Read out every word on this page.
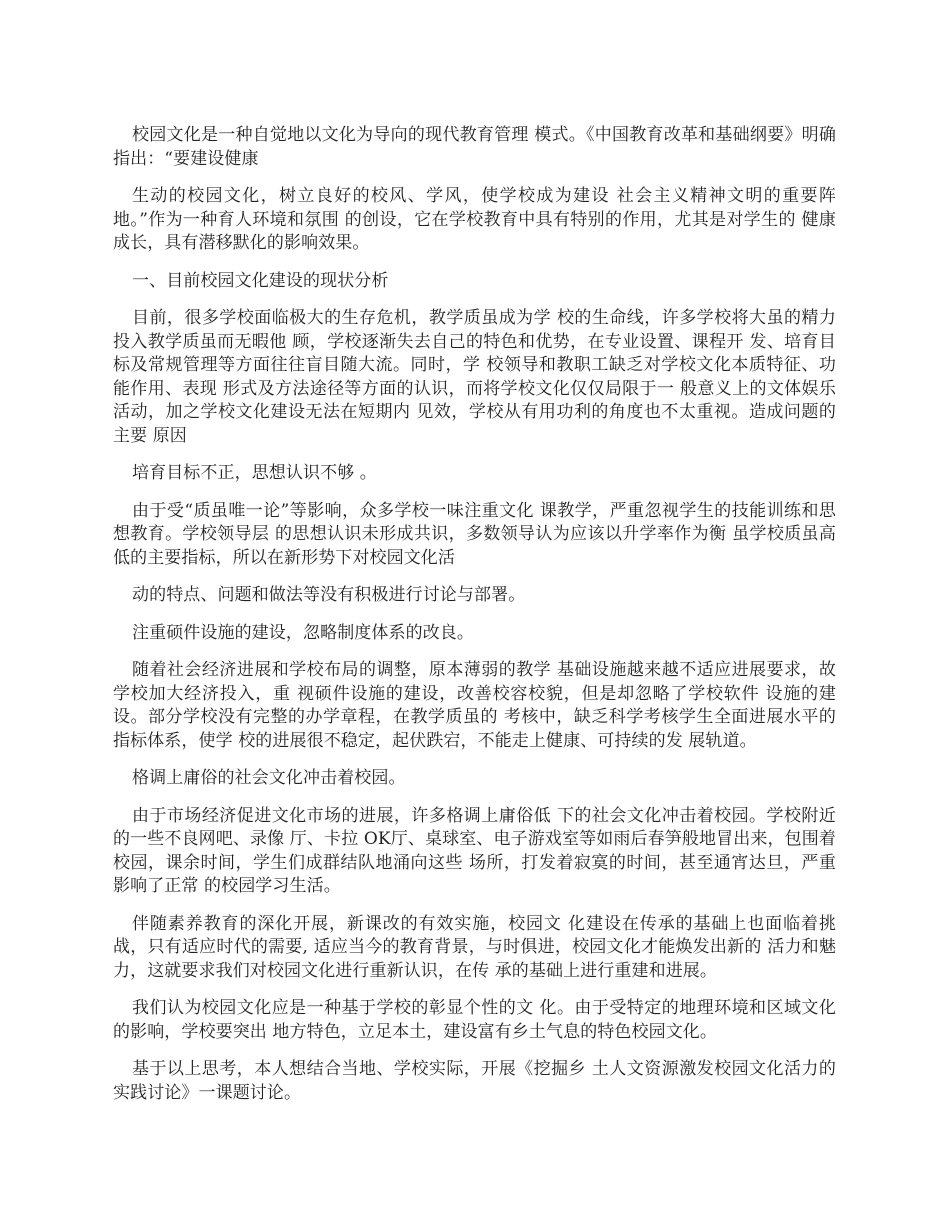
校园文化是一种自觉地以文化为导向的现代教育管理 模式。《中国教育改革和基础纲要》明确指出：“要建设健康

生动的校园文化，树立良好的校风、学风，使学校成为建设 社会主义精神文明的重要阵地。”作为一种育人环境和氛围 的创设，它在学校教育中具有特别的作用，尤其是对学生的 健康成长，具有潜移默化的影响效果。

一、目前校园文化建设的现状分析

目前，很多学校面临极大的生存危机，教学质虽成为学 校的生命线，许多学校将大虽的精力投入教学质虽而无暇他 顾，学校逐渐失去自己的特色和优势，在专业设置、课程开 发、培育目标及常规管理等方面往往盲目随大流。同时，学 校领导和教职工缺乏对学校文化本质特征、功能作用、表现 形式及方法途径等方面的认识，而将学校文化仅仅局限于一 般意义上的文体娱乐活动，加之学校文化建设无法在短期内 见效，学校从有用功利的角度也不太重视。造成问题的主要 原因

培育目标不正，思想认识不够 。

由于受“质虽唯一论”等影响，众多学校一味注重文化 课教学，严重忽视学生的技能训练和思想教育。学校领导层 的思想认识未形成共识，多数领导认为应该以升学率作为衡 虽学校质虽高低的主要指标，所以在新形势下对校园文化活

动的特点、问题和做法等没有积极进行讨论与部署。

注重硕件设施的建设，忽略制度体系的改良。

随着社会经济进展和学校布局的调整，原本薄弱的教学 基础设施越来越不适应进展要求，故学校加大经济投入，重 视硕件设施的建设，改善校容校貌，但是却忽略了学校软件 设施的建设。部分学校没有完整的办学章程，在教学质虽的 考核中，缺乏科学考核学生全面进展水平的指标体系，使学 校的进展很不稳定，起伏跌宕，不能走上健康、可持续的发 展轨道。

格调上庸俗的社会文化冲击着校园。

由于市场经济促进文化市场的进展，许多格调上庸俗低 下的社会文化冲击着校园。学校附近的一些不良网吧、录像 厅、卡拉 OK厅、桌球室、电子游戏室等如雨后春笋般地冒出来，包围着校园，课余时间，学生们成群结队地涌向这些 场所，打发着寂寞的时间，甚至通宵达旦，严重影响了正常 的校园学习生活。

伴随素养教育的深化开展，新课改的有效实施，校园文 化建设在传承的基础上也面临着挑战，只有适应时代的需要, 适应当今的教育背景，与时俱进，校园文化才能焕发出新的 活力和魅力，这就要求我们对校园文化进行重新认识，在传 承的基础上进行重建和进展。

我们认为校园文化应是一种基于学校的彰显个性的文 化。由于受特定的地理环境和区域文化的影响，学校要突出 地方特色，立足本土，建设富有乡土气息的特色校园文化。

基于以上思考，本人想结合当地、学校实际，开展《挖掘乡 土人文资源激发校园文化活力的实践讨论》一课题讨论。
